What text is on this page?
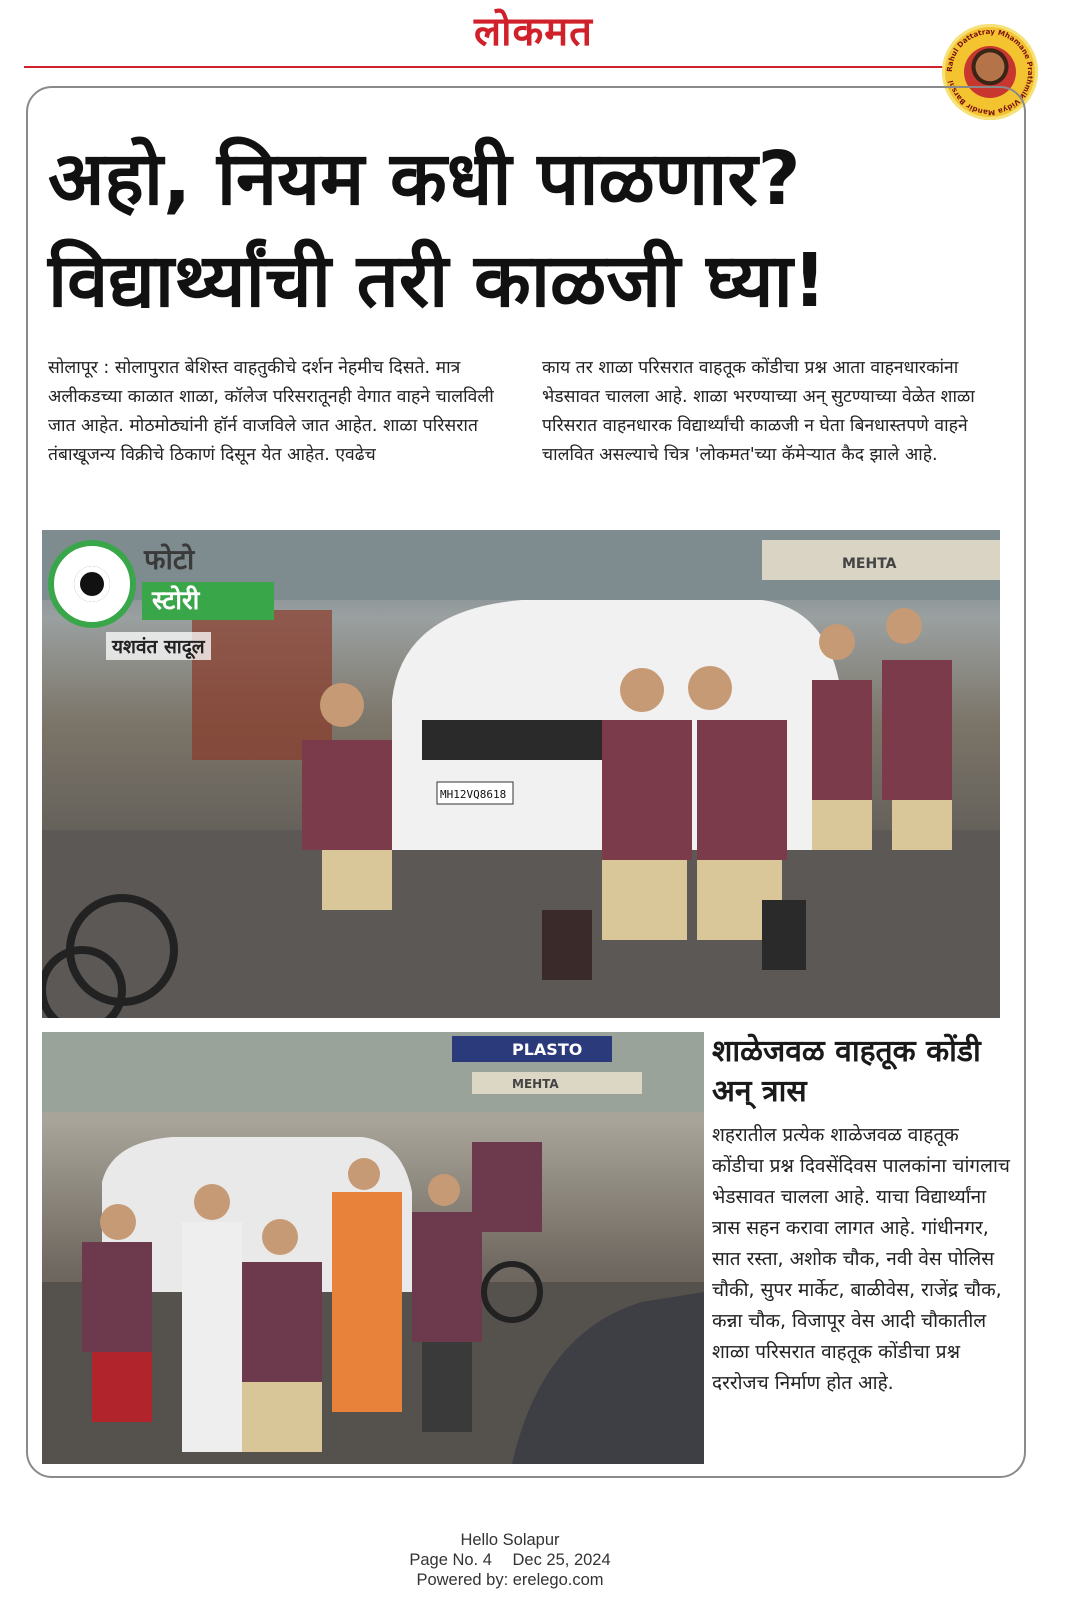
लोकमत
Rahul Dattatray Mhamane Prathmik Vidya Mandir Barshi
अहो, नियम कधी पाळणार?
विद्यार्थ्यांची तरी काळजी घ्या!
सोलापूर : सोलापुरात बेशिस्त वाहतुकीचे दर्शन नेहमीच दिसते. मात्र अलीकडच्या काळात शाळा, कॉलेज परिसरातूनही वेगात वाहने चालविली जात आहेत. मोठमोठ्यांनी हॉर्न वाजविले जात आहेत. शाळा परिसरात तंबाखूजन्य विक्रीचे ठिकाणं दिसून येत आहेत. एवढेच
काय तर शाळा परिसरात वाहतूक कोंडीचा प्रश्न आता वाहनधारकांना भेडसावत चालला आहे. शाळा भरण्याच्या अन् सुटण्याच्या वेळेत शाळा परिसरात वाहनधारक विद्यार्थ्यांची काळजी न घेता बिनधास्तपणे वाहने चालवित असल्याचे चित्र 'लोकमत'च्या कॅमेऱ्यात कैद झाले आहे.
MEHTA
MH12VQ8618
फोटो
स्टोरी
यशवंत सादूल
PLASTO
MEHTA
शाळेजवळ वाहतूक कोंडी अन् त्रास
शहरातील प्रत्येक शाळेजवळ वाहतूक कोंडीचा प्रश्न दिवसेंदिवस पालकांना चांगलाच भेडसावत चालला आहे. याचा विद्यार्थ्यांना त्रास सहन करावा लागत आहे. गांधीनगर, सात रस्ता, अशोक चौक, नवी वेस पोलिस चौकी, सुपर मार्केट, बाळीवेस, राजेंद्र चौक, कन्ना चौक, विजापूर वेस आदी चौकातील शाळा परिसरात वाहतूक कोंडीचा प्रश्न दररोजच निर्माण होत आहे.
Hello Solapur
Page No. 4 Dec 25, 2024
Powered by: erelego.com
